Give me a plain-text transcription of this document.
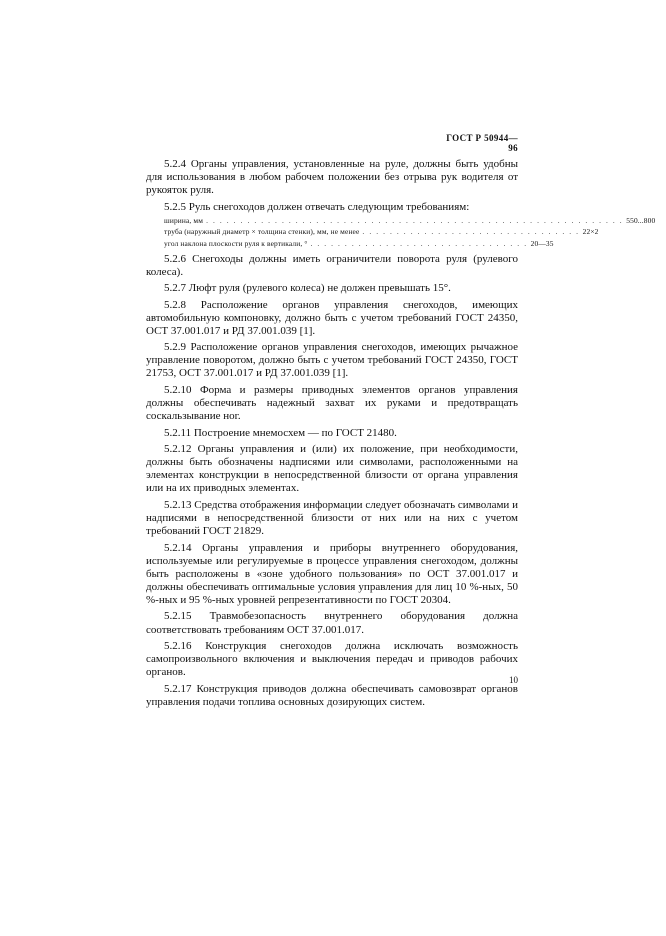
ГОСТ Р 50944—96

5.2.4 Органы управления, установленные на руле, должны быть удобны для использования в любом рабочем положении без отрыва рук водителя от рукояток руля.

5.2.5 Руль снегоходов должен отвечать следующим требованиям:

ширина, мм . . . . . . . . . . . . . . . . . . . . . . . . . . . . . . . . . . . . . . . . . . . . . . . . . . . . . . . . . . . . . 550...800
труба (наружный диаметр × толщина стенки), мм, не менее . . . . . . . . . . . . . . . . . . . . . . . . . . . . . . . . 22×2
угол наклона плоскости руля к вертикали, ° . . . . . . . . . . . . . . . . . . . . . . . . . . . . . . . . 20—35

5.2.6 Снегоходы должны иметь ограничители поворота руля (рулевого колеса).

5.2.7 Люфт руля (рулевого колеса) не должен превышать 15°.

5.2.8 Расположение органов управления снегоходов, имеющих автомобильную компоновку, должно быть с учетом требований ГОСТ 24350, ОСТ 37.001.017 и РД 37.001.039 [1].

5.2.9 Расположение органов управления снегоходов, имеющих рычажное управление поворотом, должно быть с учетом требований ГОСТ 24350, ГОСТ 21753, ОСТ 37.001.017 и РД 37.001.039 [1].

5.2.10 Форма и размеры приводных элементов органов управления должны обеспечивать надежный захват их руками и предотвращать соскальзывание ног.

5.2.11 Построение мнемосхем — по ГОСТ 21480.

5.2.12 Органы управления и (или) их положение, при необходимости, должны быть обозначены надписями или символами, расположенными на элементах конструкции в непосредственной близости от органа управления или на их приводных элементах.

5.2.13 Средства отображения информации следует обозначать символами и надписями в непосредственной близости от них или на них с учетом требований ГОСТ 21829.

5.2.14 Органы управления и приборы внутреннего оборудования, используемые или регулируемые в процессе управления снегоходом, должны быть расположены в «зоне удобного пользования» по ОСТ 37.001.017 и должны обеспечивать оптимальные условия управления для лиц 10 %-ных, 50 %-ных и 95 %-ных уровней репрезентативности по ГОСТ 20304.

5.2.15 Травмобезопасность внутреннего оборудования должна соответствовать требованиям ОСТ 37.001.017.

5.2.16 Конструкция снегоходов должна исключать возможность самопроизвольного включения и выключения передач и приводов рабочих органов.

5.2.17 Конструкция приводов должна обеспечивать самовозврат органов управления подачи топлива основных дозирующих систем.

10
